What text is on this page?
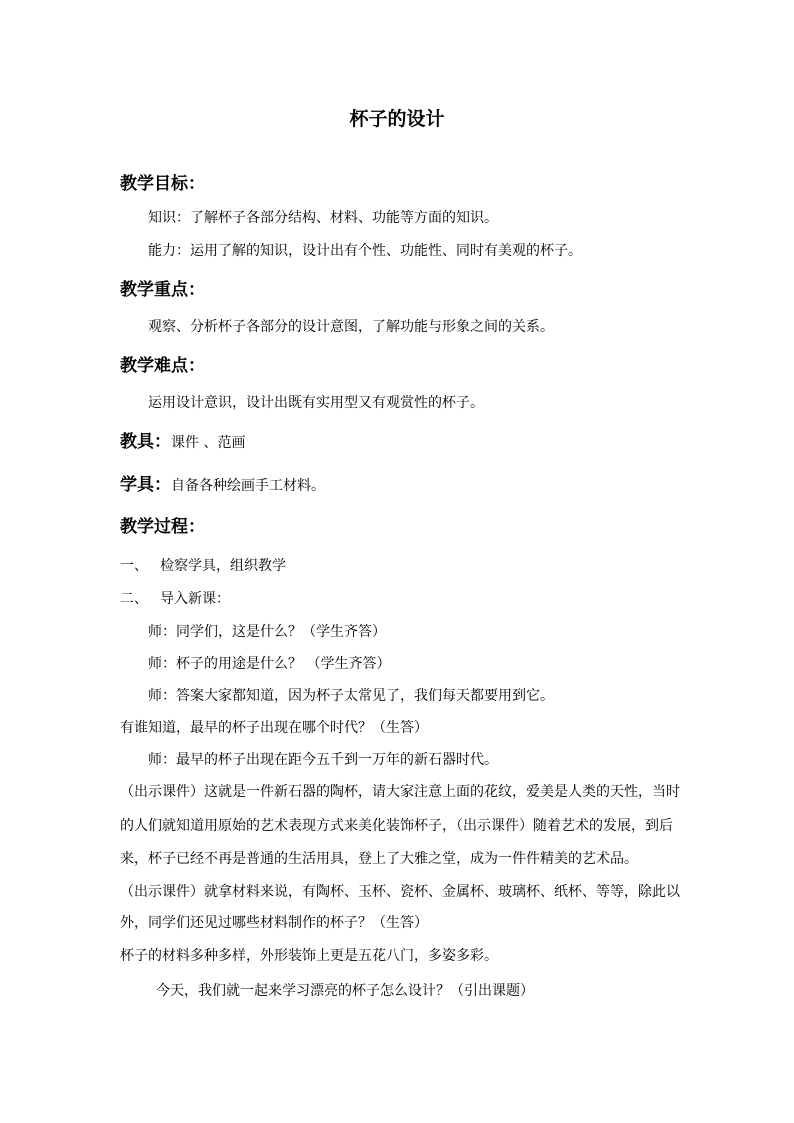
杯子的设计
教学目标：
知识：了解杯子各部分结构、材料、功能等方面的知识。
能力：运用了解的知识，设计出有个性、功能性、同时有美观的杯子。
教学重点：
观察、分析杯子各部分的设计意图，了解功能与形象之间的关系。
教学难点：
运用设计意识，设计出既有实用型又有观赏性的杯子。
教具：课件 、范画
学具：自备各种绘画手工材料。
教学过程：
一、 检察学具，组织教学
二、 导入新课：
师：同学们，这是什么？（学生齐答）
师：杯子的用途是什么？ （学生齐答）
师：答案大家都知道，因为杯子太常见了，我们每天都要用到它。
有谁知道，最早的杯子出现在哪个时代？（生答）
师：最早的杯子出现在距今五千到一万年的新石器时代。
（出示课件）这就是一件新石器的陶杯，请大家注意上面的花纹，爱美是人类的天性，当时
的人们就知道用原始的艺术表现方式来美化装饰杯子，（出示课件）随着艺术的发展，到后
来，杯子已经不再是普通的生活用具，登上了大雅之堂，成为一件件精美的艺术品。
（出示课件）就拿材料来说，有陶杯、玉杯、瓷杯、金属杯、玻璃杯、纸杯、等等，除此以
外，同学们还见过哪些材料制作的杯子？（生答）
杯子的材料多种多样，外形装饰上更是五花八门，多姿多彩。
今天，我们就一起来学习漂亮的杯子怎么设计？（引出课题）
